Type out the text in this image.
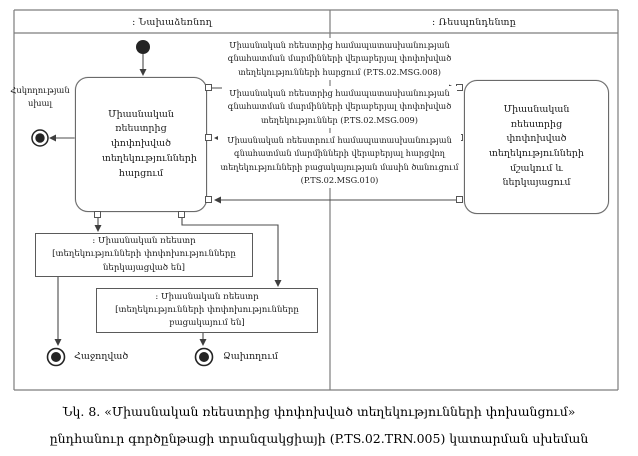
: Նախաձեռնող	: Ռեսպոնդենտը
Միասնական ռեեստրից փոփոխված տեղեկությունների հարցում
Միասնական ռեեստրից փոփոխված տեղեկությունների մշակում և ներկայացում
Միասնական ռեեստրից համապատասխանության գնահատման մարմինների վերաբերյալ փոփոխված տեղեկությունների հարցում (P.TS.02.MSG.008)
Միասնական ռեեստրից համապատասխանության գնահատման մարմինների վերաբերյալ փոփոխված տեղեկություններ (P.TS.02.MSG.009)
Միասնական ռեեստրում համապատասխանության գնահատման մարմինների վերաբերյալ հարցվող տեղեկությունների բացակայության մասին ծանուցում (P.TS.02.MSG.010)
Հսկողության սխալ
: Միասնական ռեեստր
[տեղեկությունների փոփոխությունները ներկայացված են]
: Միասնական ռեեստր
[տեղեկությունների փոփոխությունները բացակայում են]
Հաջողված	Ձախողում
Նկ. 8. «Միասնական ռեեստրից փոփոխված տեղեկությունների փոխանցում» ընդհանուր գործընթացի տրանզակցիայի (P.TS.02.TRN.005) կատարման սխեման
